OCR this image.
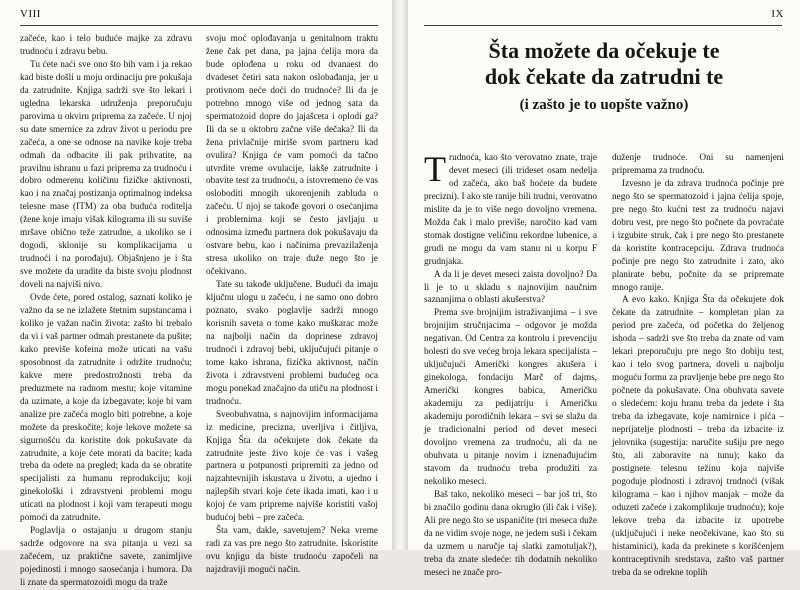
VIII

začeće, kao i telo buduće majke za zdravu trudnoću i zdravu bebu.

Tu ćete naći sve ono što bih vam i ja rekao kad biste došli u moju ordinaciju pre pokušaja da zatrudnite. Knjiga sadrži sve što lekari i ugledna lekarska udruženja preporučuju parovima u okviru pripremа za začeće. U njoj su date smernice za zdrav život u periodu pre začeća, a one se odnose na navike koje treba odmah da odbacite ili pak prihvatite, na pravilnu ishranu u fazi priprema za trudnoću i dobro odmerenu količinu fizičke aktivnosti, kao i na značaj postizanja optimalnog indeksa telesne mase (ITM) za oba buduća roditelja (žene koje imaju višak kilograma ili su suviše mršave obično teže zatrudne, a ukoliko se i dogodi, sklonije su komplikacijama u trudnoći i na porođaju). Objašnjeno je i šta sve možete da uradite da biste svoju plodnost doveli na najviši nivo.

Ovde ćete, pored ostalog, saznati koliko je važno da se ne izlažete štetnim supstancama i koliko je važan način života: zašto bi trebalo da vi i vaš partner odmah prestanete da pušite; kako previše kofeina može uticati na vašu sposobnost da zatrudnite i održite trudnoću; kakve mere predostrožnosti treba da preduzmete na radnom mestu; koje vitamine da uzimate, a koje da izbegavate; koje bi vam analize pre začeća moglo biti potrebne, a koje možete da preskočite; koje lekove možete sa sigurnošću da koristite dok pokušavate da zatrudnite, a koje ćete morati da bacite; kada treba da odete na pregled; kada da se obratite specijalisti za humanu reprodukciju; koji ginekološki i zdravstveni problemi mogu uticati na plodnost i koji vam terapeuti mogu pomoći da zatrudnite.

Poglavlja o ostajanju u drugom stanju sadrže odgovore na sva pitanja u vezi sa začećem, uz praktične savete, zanimljive pojedinosti i mnogo saosećanja i humora. Da li znate da spermatozoidi mogu da traže

svoju moć oplođavanja u genitalnom traktu žene čak pet dana, pa jajna ćelija mora da bude oplođena u roku od dvanaest do dvadeset četiri sata nakon oslobađanja, jer u protivnom neće doći do trudnoće? Ili da je potrebno mnogo više od jednog sata da spermatozoid dopre do jajašceta i oplodi ga? Ili da se u oktobru začne više dečaka? Ili da žena privlačnije miriše svom partneru kad ovulira? Knjiga će vam pomoći da tačno utvrdite vreme ovulacije, lakše zatrudnite i obavite test za trudnoću, a istovremeno će vas osloboditi mnogih ukorenjenih zabluda o začeću. U njoj se takođe govori o osećanjima i problemima koji se često javljaju u odnosima između partnera dok pokušavaju da ostvare bebu, kao i načinima prevazilaženja stresa ukoliko on traje duže nego što je očekivano.

Tate su takođe uključene. Budući da imaju ključnu ulogu u začeću, i ne samo ono dobro poznato, svako poglavlje sadrži mnogo korisnih saveta o tome kako muškarac može na najbolji način da doprinese zdravoj trudnoći i zdravoj bebi, uključujući pitanje o tome kako ishrana, fizička aktivnost, način života i zdravstveni problemi budućeg oca mogu ponekad značajno da utiču na plodnost i trudnoću.

Sveobuhvatna, s najnovijim informacijama iz medicine, precizna, uverljiva i čitljiva, Knjiga Šta da očekujete dok čekate da zatrudnite jeste živo koje će vas i vašeg partnera u potpunosti pripremiti za jedno od najzahtevnijih iskustava u životu, a ujedno i najlepših stvari koje ćete ikada imati, kao i u kojoj će vam pripreme najviše koristiti vašoj budućoj bebi – pre začeća.

Šta vam, dakle, savetujem? Neka vreme radi za vas pre nego što zatrudnite. Iskoristite ovu knjigu da biste trudnoću započeli na najzdraviji mogući način.

IX
Šta možete da očekuje te
dok čekate da zatrudni te
(i zašto je to uopšte važno)

Trudnoća, kao što verovatno znate, traje devet meseci (ili trideset osam nedelja od začeća, ako baš hoćete da budete precizni). I ako ste ranije bili trudni, verovatno mislite da je to više nego dovoljno vremena. Možda čak i malo previše, naročito kad vam stomak dostigne veličinu rekordne lubenice, a grudi ne mogu da vam stanu ni u korpu F grudnjaka.

A da li je devet meseci zaista dovoljno? Da li je to u skladu s najnovijim naučnim saznanjima o oblasti akušerstva?

Prema sve brojnijim istraživanjima – i sve brojnijim stručnjacima – odgovor je možda negativan. Od Centra za kontrolu i prevenciju bolesti do sve većeg broja lekara specijalista – uključujući Američki kongres akušera i ginekologa, fondaciju Marč of dajms, Američki kongres babica, Američku akademiju za pedijatriju i Američku akademiju porodičnih lekara – svi se slažu da je tradicionalni period od devet meseci dovoljno vremena za trudnoću, ali da ne obuhvata u pitanje novim i iznenađujućim stavom da trudnoću treba produžiti za nekoliko meseci.

Baš tako, nekoliko meseci – bar još tri, što bi značilo godinu dana okruglo (ili čak i više). Ali pre nego što se uspaničite (tri meseca duže da ne vidim svoje noge, ne jedem suši i čekam da uzmem u naručje taj slatki zamotuljak?), treba da znate sledeće: tih dodatnih nekoliko meseci ne znače pro-

duženje trudnoće. Oni su namenjeni pripremama za trudnoću.

Izvesno je da zdrava trudnoća počinje pre nego što se spermatozoid i jajna ćelija spoje, pre nego što kućni test za trudnoću najavi dobru vest, pre nego što počnete da povraćate i izgubite struk, čak i pre nego što prestanete da koristite kontracepciju. Zdrava trudnoća počinje pre nego što zatrudnite i zato, ako planirate bebu, počnite da se pripremate mnogo ranije.

A evo kako. Knjiga Šta da očekujete dok čekate da zatrudnite – kompletan plan za period pre začeća, od početka do željenog ishoda – sadrži sve što treba da znate od vam lekari preporučuju pre nego što dobiju test, kao i telo svog partnera, doveli u najbolju moguću formu za pravljenje bebe pre nego što počnete da pokušavate. Ona obuhvata savete o sledećem: koju hranu treba da jedete i šta treba da izbegavate, koje namirnice i pića – nepriјatelje plodnosti – treba da izbacite iz jelovnika (sugestija: naručite sušiju pre nego što, ali zaboravite na tunu); kako da postignete telesnu težinu koja najviše pogoduje plodnosti i zdravoj trudnoći (višak kilograma – kao i njihov manjak – može da oduzeti začeće i zakomplikuje trudnoću); koje lekove treba da izbacite iz upotrebe (uključujući i neke neočekivane, kao što su histaminici), kada da prekinete s korišćenjem kontraceptivnih sredstava, zašto vaš partner treba da se odrekne toplih
